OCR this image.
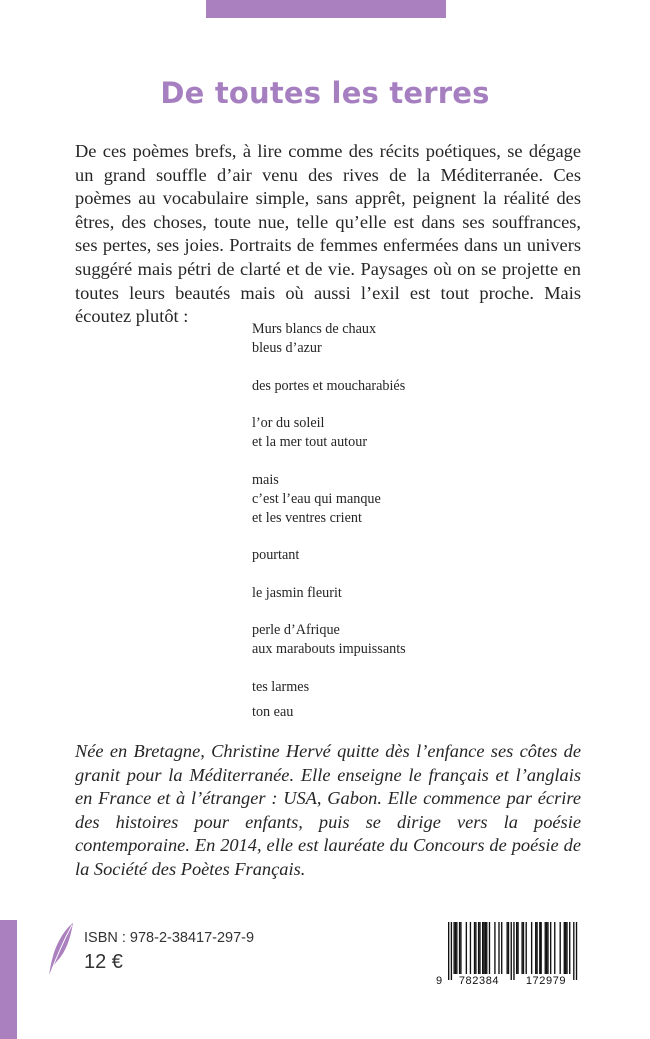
De toutes les terres

De ces poèmes brefs, à lire comme des récits poétiques, se dégage un grand souffle d’air venu des rives de la Méditerranée. Ces poèmes au vocabulaire simple, sans apprêt, peignent la réalité des êtres, des choses, toute nue, telle qu’elle est dans ses souffrances, ses pertes, ses joies. Portraits de femmes enfermées dans un univers suggéré mais pétri de clarté et de vie. Paysages où on se projette en toutes leurs beautés mais où aussi l’exil est tout proche. Mais écoutez plutôt :

Murs blancs de chaux
bleus d’azur
des portes et moucharabiés
l’or du soleil
et la mer tout autour
mais
c’est l’eau qui manque
et les ventres crient
pourtant
le jasmin fleurit
perle d’Afrique
aux marabouts impuissants
tes larmes
ton eau

Née en Bretagne, Christine Hervé quitte dès l’enfance ses côtes de granit pour la Méditerranée. Elle enseigne le français et l’anglais en France et à l’étranger : USA, Gabon. Elle commence par écrire des histoires pour enfants, puis se dirige vers la poésie contemporaine. En 2014, elle est lauréate du Concours de poésie de la Société des Poètes Français.

ISBN : 978-2-38417-297-9
12 €
9	782384	172979
